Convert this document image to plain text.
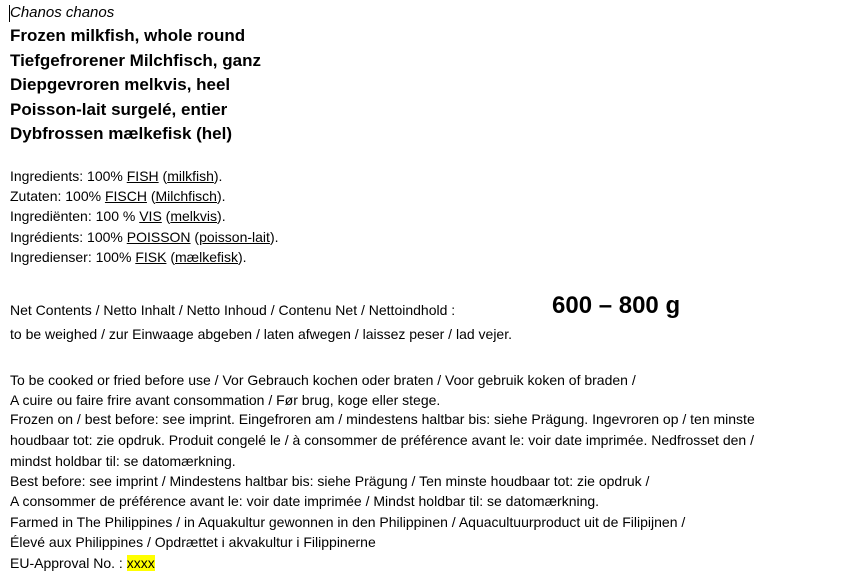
Chanos chanos
Frozen milkfish, whole round
Tiefgefrorener Milchfisch, ganz
Diepgevroren melkvis, heel
Poisson-lait surgelé, entier
Dybfrossen mælkefisk (hel)
Ingredients: 100% FISH (milkfish).
Zutaten: 100% FISCH (Milchfisch).
Ingrediënten: 100 % VIS (melkvis).
Ingrédients: 100% POISSON (poisson-lait).
Ingredienser: 100% FISK (mælkefisk).
Net Contents / Netto Inhalt / Netto Inhoud / Contenu Net / Nettoindhold :	600 – 800 g
to be weighed / zur Einwaage abgeben / laten afwegen / laissez peser / lad vejer.
To be cooked or fried before use / Vor Gebrauch kochen oder braten / Voor gebruik koken of braden /
A cuire ou faire frire avant consommation / Før brug, koge eller stege.
Frozen on / best before: see imprint. Eingefroren am / mindestens haltbar bis: siehe Prägung. Ingevroren op / ten minste
houdbaar tot: zie opdruk. Produit congelé le / à consommer de préférence avant le: voir date imprimée. Nedfrosset den /
mindst holdbar til: se datomærkning.
Best before: see imprint / Mindestens haltbar bis: siehe Prägung / Ten minste houdbaar tot: zie opdruk /
A consommer de préférence avant le: voir date imprimée / Mindst holdbar til: se datomærkning.
Farmed in The Philippines / in Aquakultur gewonnen in den Philippinen / Aquacultuurproduct uit de Filipijnen /
Élevé aux Philippines / Opdrættet i akvakultur i Filippinerne
EU-Approval No. : xxxx
